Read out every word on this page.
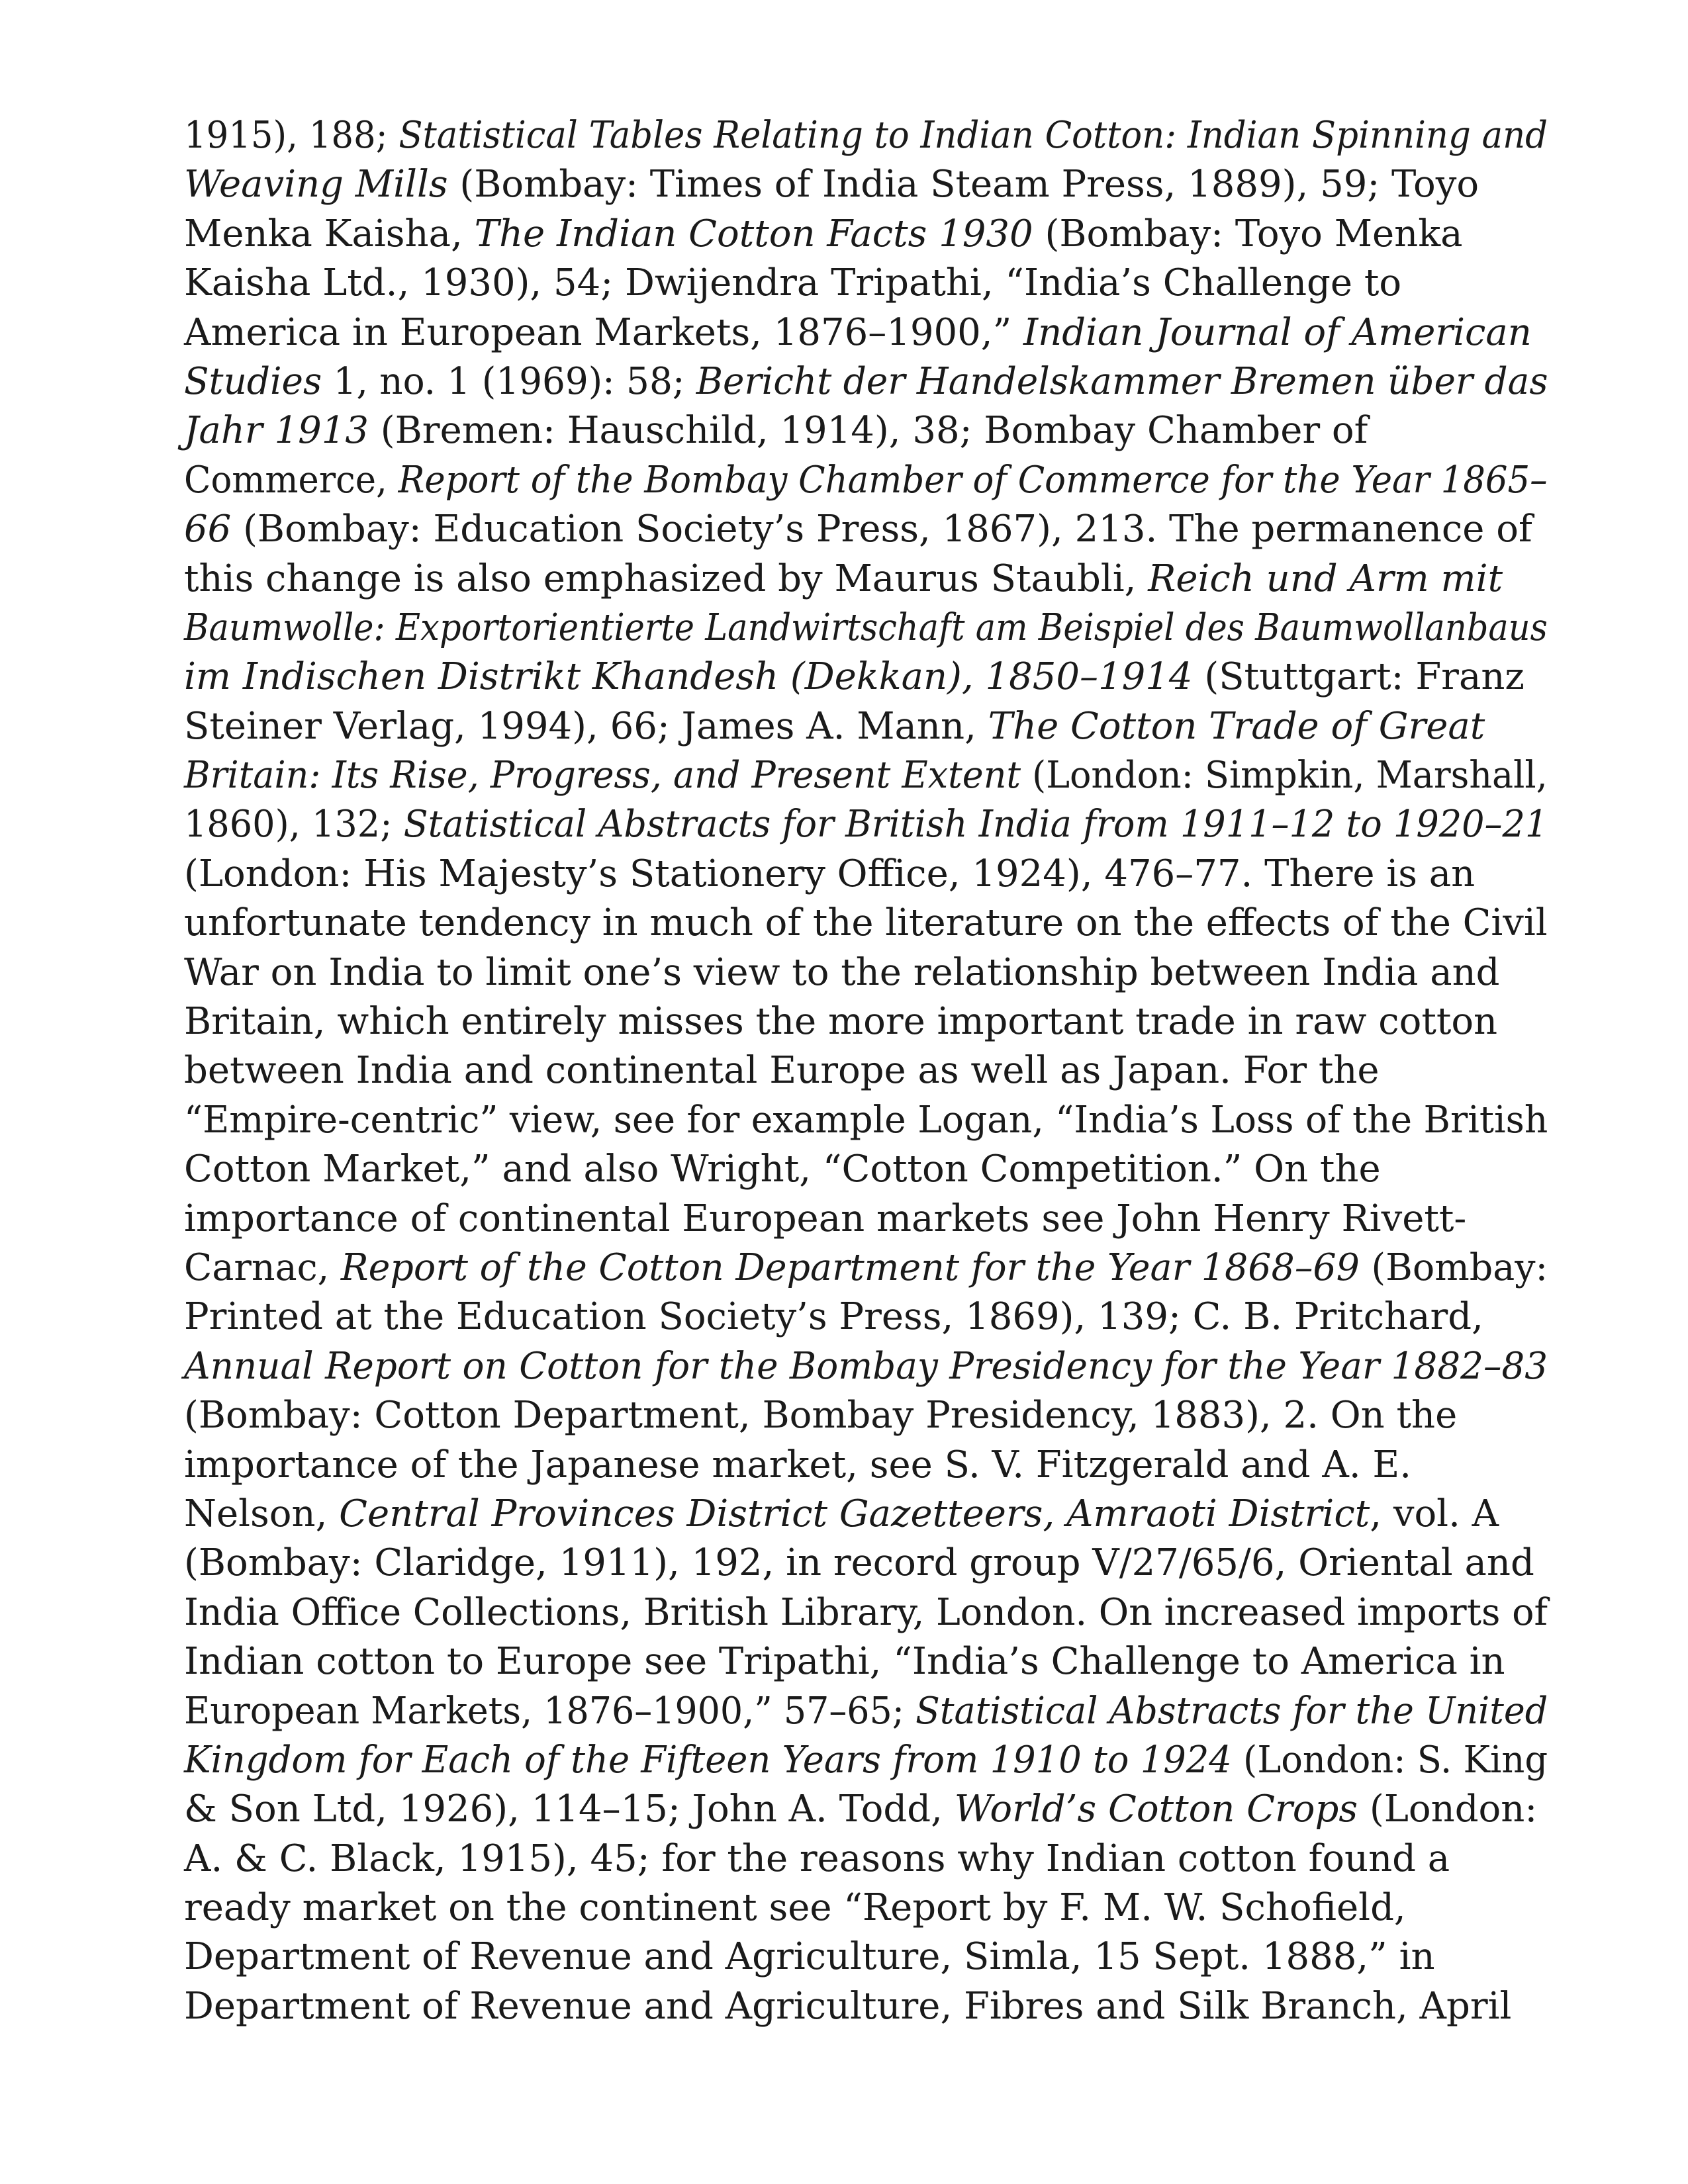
1915), 188; Statistical Tables Relating to Indian Cotton: Indian Spinning and
Weaving Mills (Bombay: Times of India Steam Press, 1889), 59; Toyo
Menka Kaisha, The Indian Cotton Facts 1930 (Bombay: Toyo Menka
Kaisha Ltd., 1930), 54; Dwijendra Tripathi, “India’s Challenge to
America in European Markets, 1876–1900,” Indian Journal of American
Studies 1, no. 1 (1969): 58; Bericht der Handelskammer Bremen über das
Jahr 1913 (Bremen: Hauschild, 1914), 38; Bombay Chamber of
Commerce, Report of the Bombay Chamber of Commerce for the Year 1865–
66 (Bombay: Education Society’s Press, 1867), 213. The permanence of
this change is also emphasized by Maurus Staubli, Reich und Arm mit
Baumwolle: Exportorientierte Landwirtschaft am Beispiel des Baumwollanbaus
im Indischen Distrikt Khandesh (Dekkan), 1850–1914 (Stuttgart: Franz
Steiner Verlag, 1994), 66; James A. Mann, The Cotton Trade of Great
Britain: Its Rise, Progress, and Present Extent (London: Simpkin, Marshall,
1860), 132; Statistical Abstracts for British India from 1911–12 to 1920–21
(London: His Majesty’s Stationery Office, 1924), 476–77. There is an
unfortunate tendency in much of the literature on the effects of the Civil
War on India to limit one’s view to the relationship between India and
Britain, which entirely misses the more important trade in raw cotton
between India and continental Europe as well as Japan. For the
“Empire-centric” view, see for example Logan, “India’s Loss of the British
Cotton Market,” and also Wright, “Cotton Competition.” On the
importance of continental European markets see John Henry Rivett-
Carnac, Report of the Cotton Department for the Year 1868–69 (Bombay:
Printed at the Education Society’s Press, 1869), 139; C. B. Pritchard,
Annual Report on Cotton for the Bombay Presidency for the Year 1882–83
(Bombay: Cotton Department, Bombay Presidency, 1883), 2. On the
importance of the Japanese market, see S. V. Fitzgerald and A. E.
Nelson, Central Provinces District Gazetteers, Amraoti District, vol. A
(Bombay: Claridge, 1911), 192, in record group V/27/65/6, Oriental and
India Office Collections, British Library, London. On increased imports of
Indian cotton to Europe see Tripathi, “India’s Challenge to America in
European Markets, 1876–1900,” 57–65; Statistical Abstracts for the United
Kingdom for Each of the Fifteen Years from 1910 to 1924 (London: S. King
& Son Ltd, 1926), 114–15; John A. Todd, World’s Cotton Crops (London:
A. & C. Black, 1915), 45; for the reasons why Indian cotton found a
ready market on the continent see “Report by F. M. W. Schofield,
Department of Revenue and Agriculture, Simla, 15 Sept. 1888,” in
Department of Revenue and Agriculture, Fibres and Silk Branch, April
